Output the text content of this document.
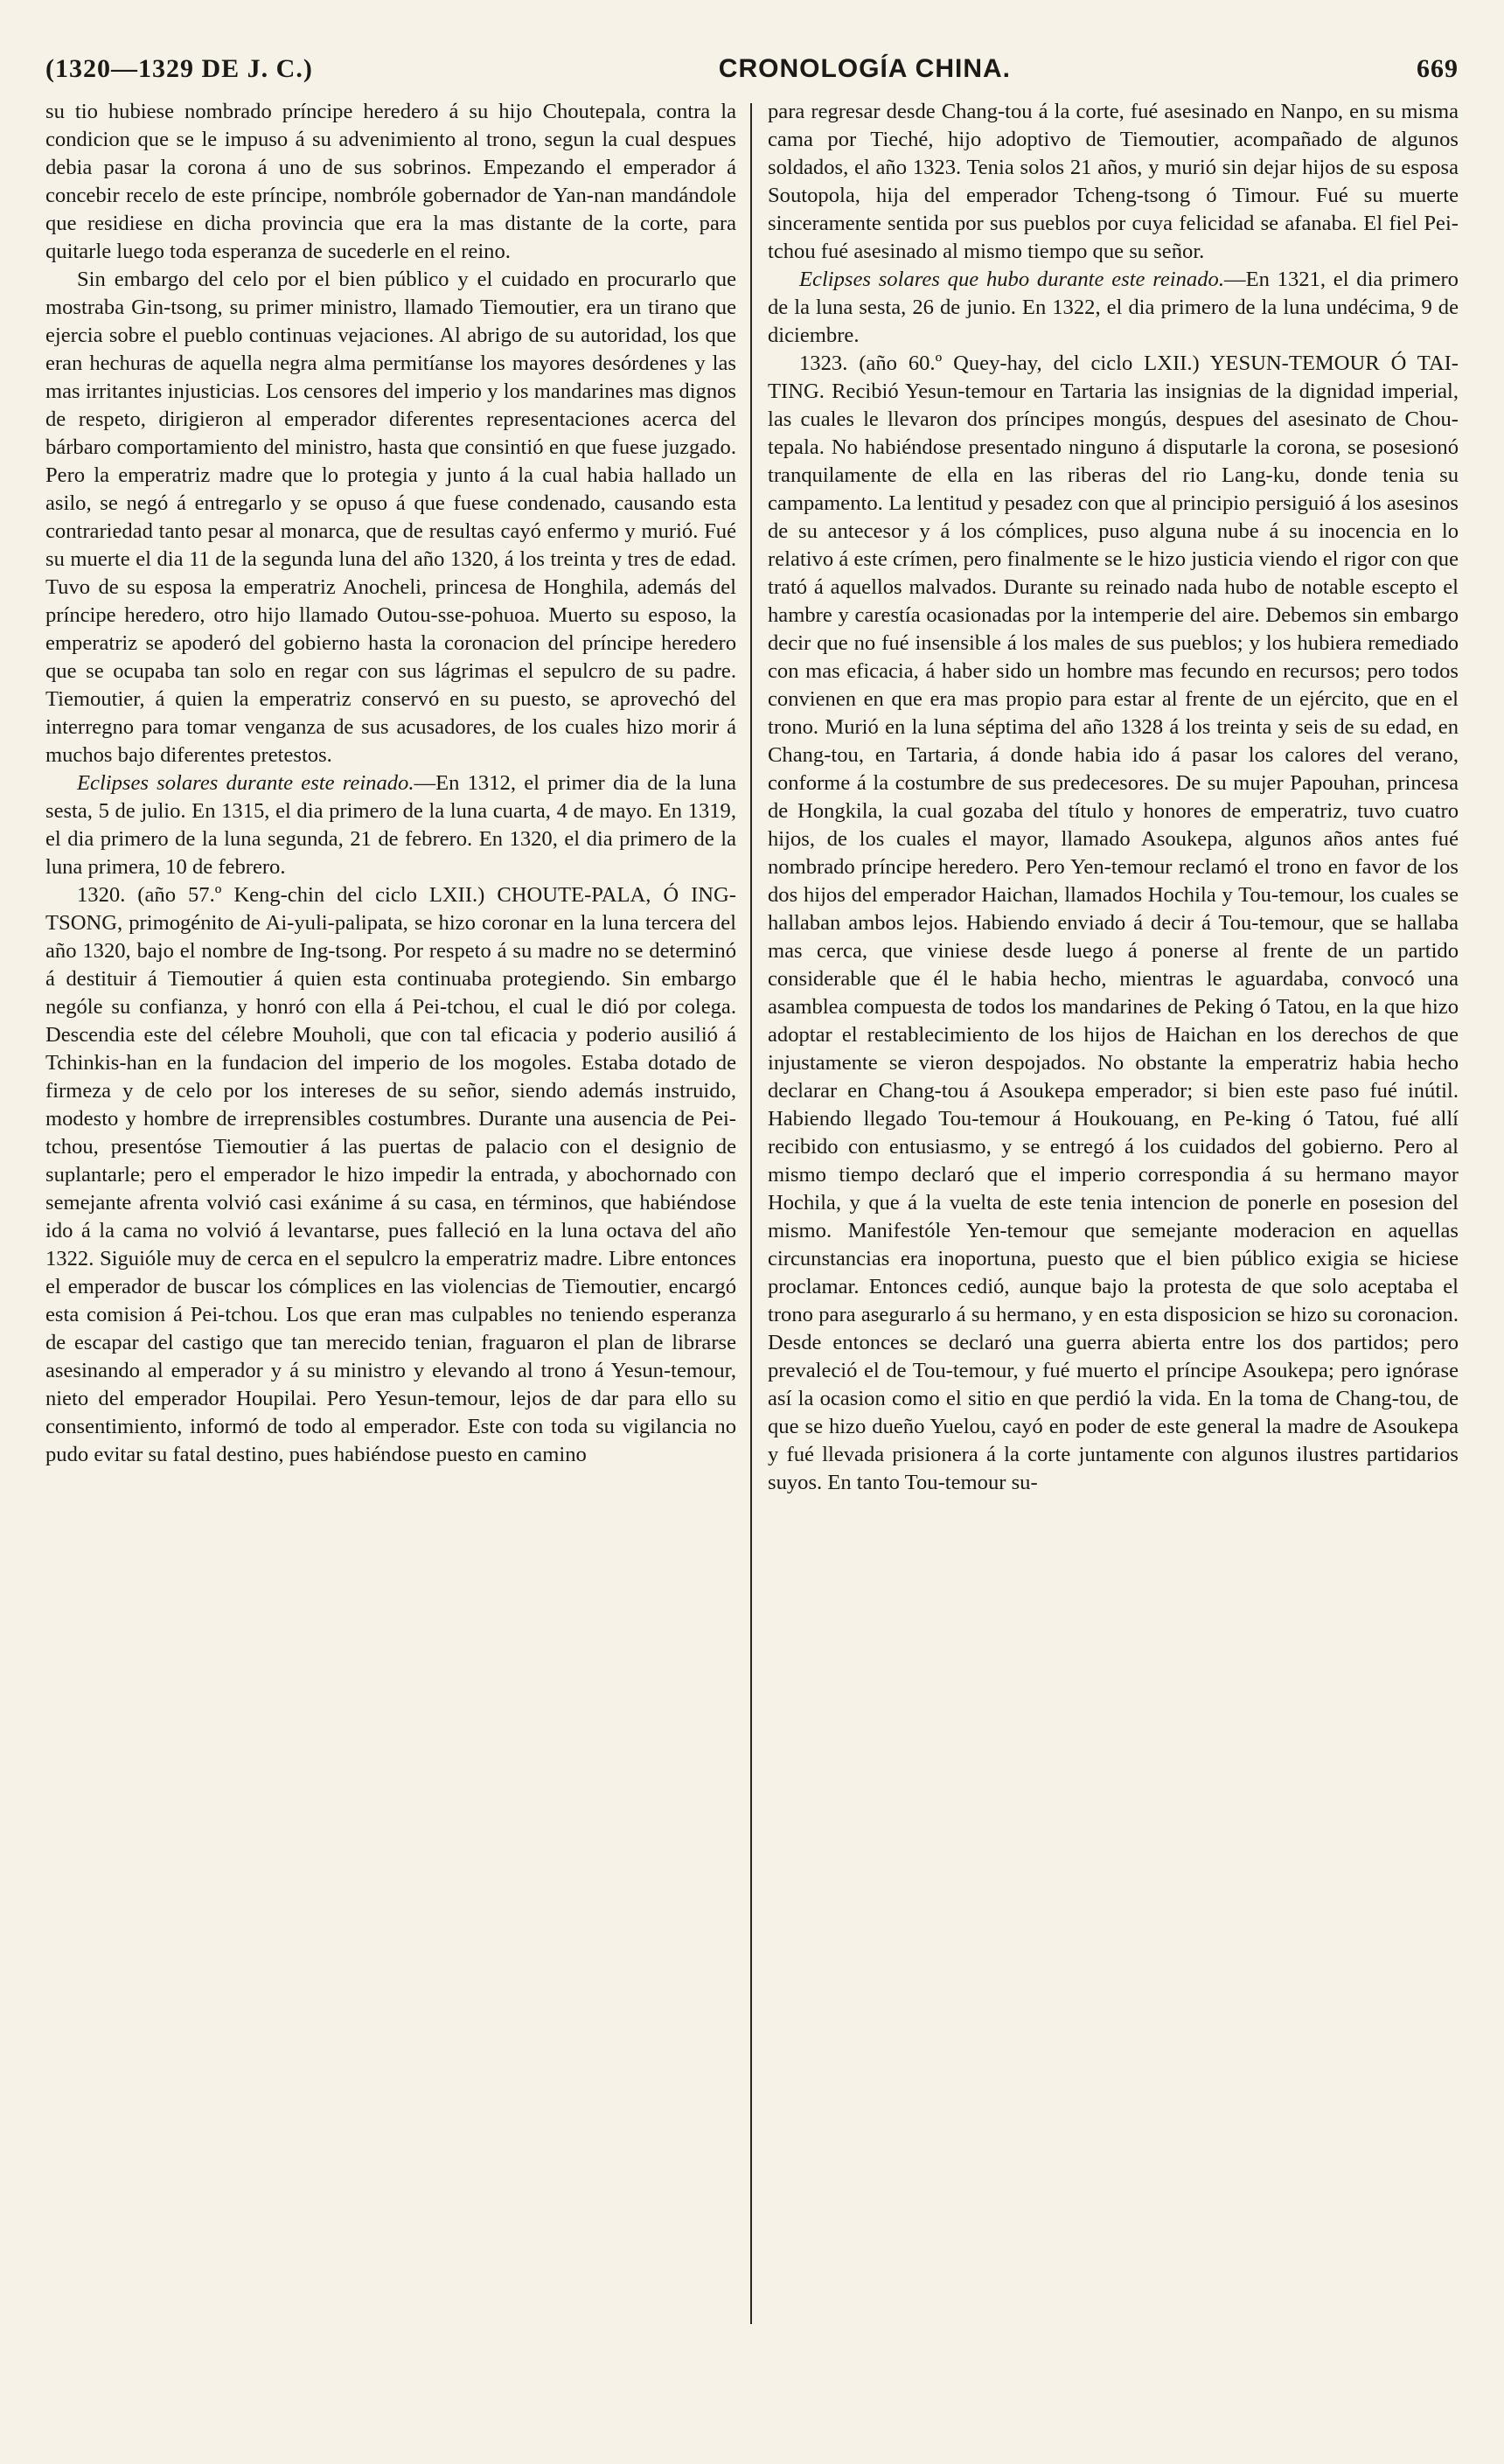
(1320—1329 DE J. C.)	CRONOLOGÍA CHINA.	669

su tio hubiese nombrado príncipe heredero á su hijo Choutepala, contra la condicion que se le impuso á su advenimiento al trono, segun la cual despues debia pasar la corona á uno de sus sobrinos. Empezando el emperador á concebir recelo de este príncipe, nombróle gobernador de Yan-nan mandándole que residiese en dicha provincia que era la mas distante de la corte, para quitarle luego toda esperanza de sucederle en el reino.

Sin embargo del celo por el bien público y el cuidado en procurarlo que mostraba Gin-tsong, su primer ministro, llamado Tiemoutier, era un tirano que ejercia sobre el pueblo continuas vejaciones. Al abrigo de su autoridad, los que eran hechuras de aquella negra alma permitíanse los mayores desórdenes y las mas irritantes injusticias. Los censores del imperio y los mandarines mas dignos de respeto, dirigieron al emperador diferentes representaciones acerca del bárbaro comportamiento del ministro, hasta que consintió en que fuese juzgado. Pero la emperatriz madre que lo protegia y junto á la cual habia hallado un asilo, se negó á entregarlo y se opuso á que fuese condenado, causando esta contrariedad tanto pesar al monarca, que de resultas cayó enfermo y murió. Fué su muerte el dia 11 de la segunda luna del año 1320, á los treinta y tres de edad. Tuvo de su esposa la emperatriz Anocheli, princesa de Honghila, además del príncipe heredero, otro hijo llamado Outou-sse-pohuoa. Muerto su esposo, la emperatriz se apoderó del gobierno hasta la coronacion del príncipe heredero que se ocupaba tan solo en regar con sus lágrimas el sepulcro de su padre. Tiemoutier, á quien la emperatriz conservó en su puesto, se aprovechó del interregno para tomar venganza de sus acusadores, de los cuales hizo morir á muchos bajo diferentes pretestos.

Eclipses solares durante este reinado.—En 1312, el primer dia de la luna sesta, 5 de julio. En 1315, el dia primero de la luna cuarta, 4 de mayo. En 1319, el dia primero de la luna segunda, 21 de febrero. En 1320, el dia primero de la luna primera, 10 de febrero.

1320. (año 57.º Keng-chin del ciclo LXII.) CHOUTE-PALA, Ó ING-TSONG, primogénito de Ai-yuli-palipata, se hizo coronar en la luna tercera del año 1320, bajo el nombre de Ing-tsong. Por respeto á su madre no se determinó á destituir á Tiemoutier á quien esta continuaba protegiendo. Sin embargo nególe su confianza, y honró con ella á Pei-tchou, el cual le dió por colega. Descendia este del célebre Mouholi, que con tal eficacia y poderio ausilió á Tchinkis-han en la fundacion del imperio de los mogoles. Estaba dotado de firmeza y de celo por los intereses de su señor, siendo además instruido, modesto y hombre de irreprensibles costumbres. Durante una ausencia de Pei-tchou, presentóse Tiemoutier á las puertas de palacio con el designio de suplantarle; pero el emperador le hizo impedir la entrada, y abochornado con semejante afrenta volvió casi exánime á su casa, en términos, que habiéndose ido á la cama no volvió á levantarse, pues falleció en la luna octava del año 1322. Siguióle muy de cerca en el sepulcro la emperatriz madre. Libre entonces el emperador de buscar los cómplices en las violencias de Tiemoutier, encargó esta comision á Pei-tchou. Los que eran mas culpables no teniendo esperanza de escapar del castigo que tan merecido tenian, fraguaron el plan de librarse asesinando al emperador y á su ministro y elevando al trono á Yesun-temour, nieto del emperador Houpilai. Pero Yesun-temour, lejos de dar para ello su consentimiento, informó de todo al emperador. Este con toda su vigilancia no pudo evitar su fatal destino, pues habiéndose puesto en camino

para regresar desde Chang-tou á la corte, fué asesinado en Nanpo, en su misma cama por Tieché, hijo adoptivo de Tiemoutier, acompañado de algunos soldados, el año 1323. Tenia solos 21 años, y murió sin dejar hijos de su esposa Soutopola, hija del emperador Tcheng-tsong ó Timour. Fué su muerte sinceramente sentida por sus pueblos por cuya felicidad se afanaba. El fiel Pei-tchou fué asesinado al mismo tiempo que su señor.

Eclipses solares que hubo durante este reinado.—En 1321, el dia primero de la luna sesta, 26 de junio. En 1322, el dia primero de la luna undécima, 9 de diciembre.

1323. (año 60.º Quey-hay, del ciclo LXII.) YESUN-TEMOUR Ó TAI-TING. Recibió Yesun-temour en Tartaria las insignias de la dignidad imperial, las cuales le llevaron dos príncipes mongús, despues del asesinato de Chou-tepala. No habiéndose presentado ninguno á disputarle la corona, se posesionó tranquilamente de ella en las riberas del rio Lang-ku, donde tenia su campamento. La lentitud y pesadez con que al principio persiguió á los asesinos de su antecesor y á los cómplices, puso alguna nube á su inocencia en lo relativo á este crímen, pero finalmente se le hizo justicia viendo el rigor con que trató á aquellos malvados. Durante su reinado nada hubo de notable escepto el hambre y carestía ocasionadas por la intemperie del aire. Debemos sin embargo decir que no fué insensible á los males de sus pueblos; y los hubiera remediado con mas eficacia, á haber sido un hombre mas fecundo en recursos; pero todos convienen en que era mas propio para estar al frente de un ejército, que en el trono. Murió en la luna séptima del año 1328 á los treinta y seis de su edad, en Chang-tou, en Tartaria, á donde habia ido á pasar los calores del verano, conforme á la costumbre de sus predecesores. De su mujer Papouhan, princesa de Hongkila, la cual gozaba del título y honores de emperatriz, tuvo cuatro hijos, de los cuales el mayor, llamado Asoukepa, algunos años antes fué nombrado príncipe heredero. Pero Yen-temour reclamó el trono en favor de los dos hijos del emperador Haichan, llamados Hochila y Tou-temour, los cuales se hallaban ambos lejos. Habiendo enviado á decir á Tou-temour, que se hallaba mas cerca, que viniese desde luego á ponerse al frente de un partido considerable que él le habia hecho, mientras le aguardaba, convocó una asamblea compuesta de todos los mandarines de Peking ó Tatou, en la que hizo adoptar el restablecimiento de los hijos de Haichan en los derechos de que injustamente se vieron despojados. No obstante la emperatriz habia hecho declarar en Chang-tou á Asoukepa emperador; si bien este paso fué inútil. Habiendo llegado Tou-temour á Houkouang, en Pe-king ó Tatou, fué allí recibido con entusiasmo, y se entregó á los cuidados del gobierno. Pero al mismo tiempo declaró que el imperio correspondia á su hermano mayor Hochila, y que á la vuelta de este tenia intencion de ponerle en posesion del mismo. Manifestóle Yen-temour que semejante moderacion en aquellas circunstancias era inoportuna, puesto que el bien público exigia se hiciese proclamar. Entonces cedió, aunque bajo la protesta de que solo aceptaba el trono para asegurarlo á su hermano, y en esta disposicion se hizo su coronacion. Desde entonces se declaró una guerra abierta entre los dos partidos; pero prevaleció el de Tou-temour, y fué muerto el príncipe Asoukepa; pero ignórase así la ocasion como el sitio en que perdió la vida. En la toma de Chang-tou, de que se hizo dueño Yuelou, cayó en poder de este general la madre de Asoukepa y fué llevada prisionera á la corte juntamente con algunos ilustres partidarios suyos. En tanto Tou-temour su-
